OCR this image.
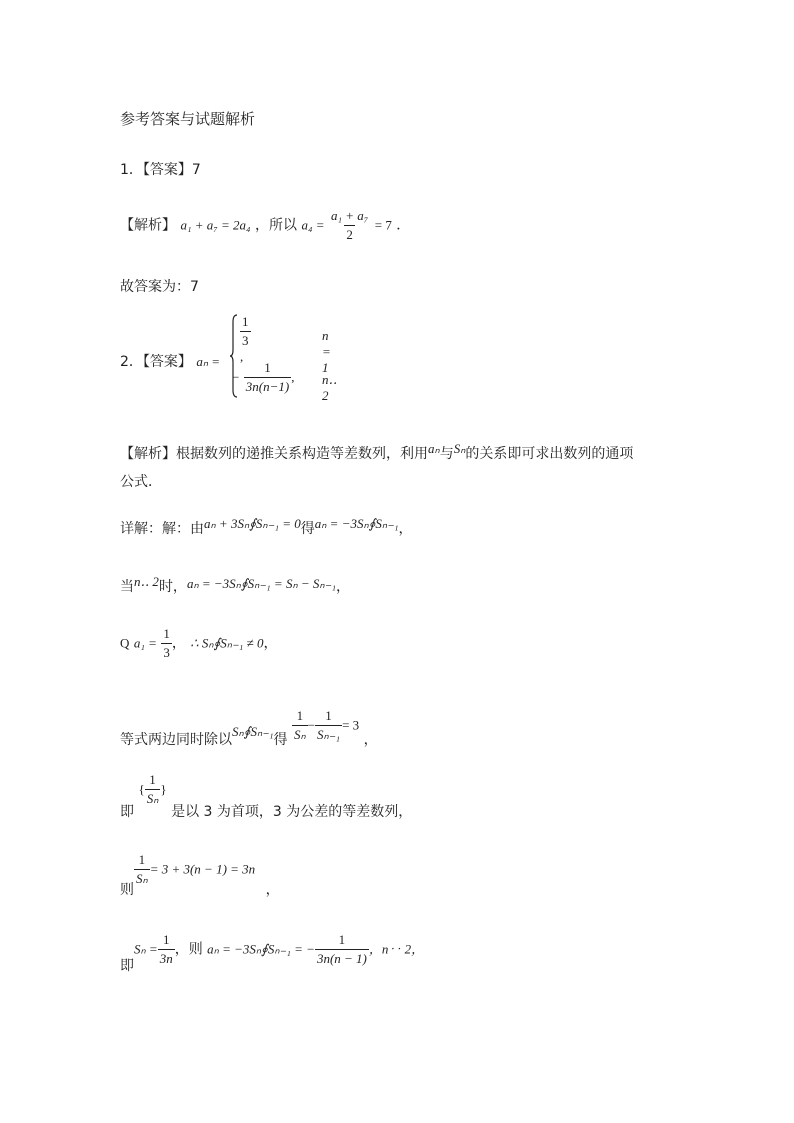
参考答案与试题解析
1．【答案】7
【解析】 a₁ + a₇ = 2a₄ ，所以 $a_4 = \frac{\text{a₁ + a₇}}{2} = 7$ ．
故答案为：7
2．【答案】 aₙ =
$\frac{1}{3}$
,
n = 1
− $\frac{1}{3n(n-1)}$ , n‥ 2
【解析】根据数列的递推关系构造等差数列，利用aₙ与Sₙ的关系即可求出数列的通项
公式．
详解：解：由aₙ + 3Sₙ∮Sₙ₋₁ = 0得aₙ = −3Sₙ∮Sₙ₋₁，
当n‥ 2时，aₙ = −3Sₙ∮Sₙ₋₁ = Sₙ − Sₙ₋₁，
Q $a_1 = \frac{1}{3}$ ， ∴ Sₙ∮Sₙ₋₁ ≠ 0，
等式两边同时除以Sₙ∮Sₙ₋₁得 $\frac{1}{\text{Sₙ}} - \frac{1}{\text{Sₙ₋₁}} = 3$ ，
即 { $\frac{1}{\text{Sₙ}}$ } 是以 3 为首项，3 为公差的等差数列，
则
$\frac{1}{\text{Sₙ}} = 3 + 3(n - 1) = 3n$ ，
即$S_n = \frac{1}{3n}$ ，则 aₙ = −3Sₙ∮Sₙ₋₁ = − $\frac{1}{3n(n - 1)}$ ，n‥ 2，
